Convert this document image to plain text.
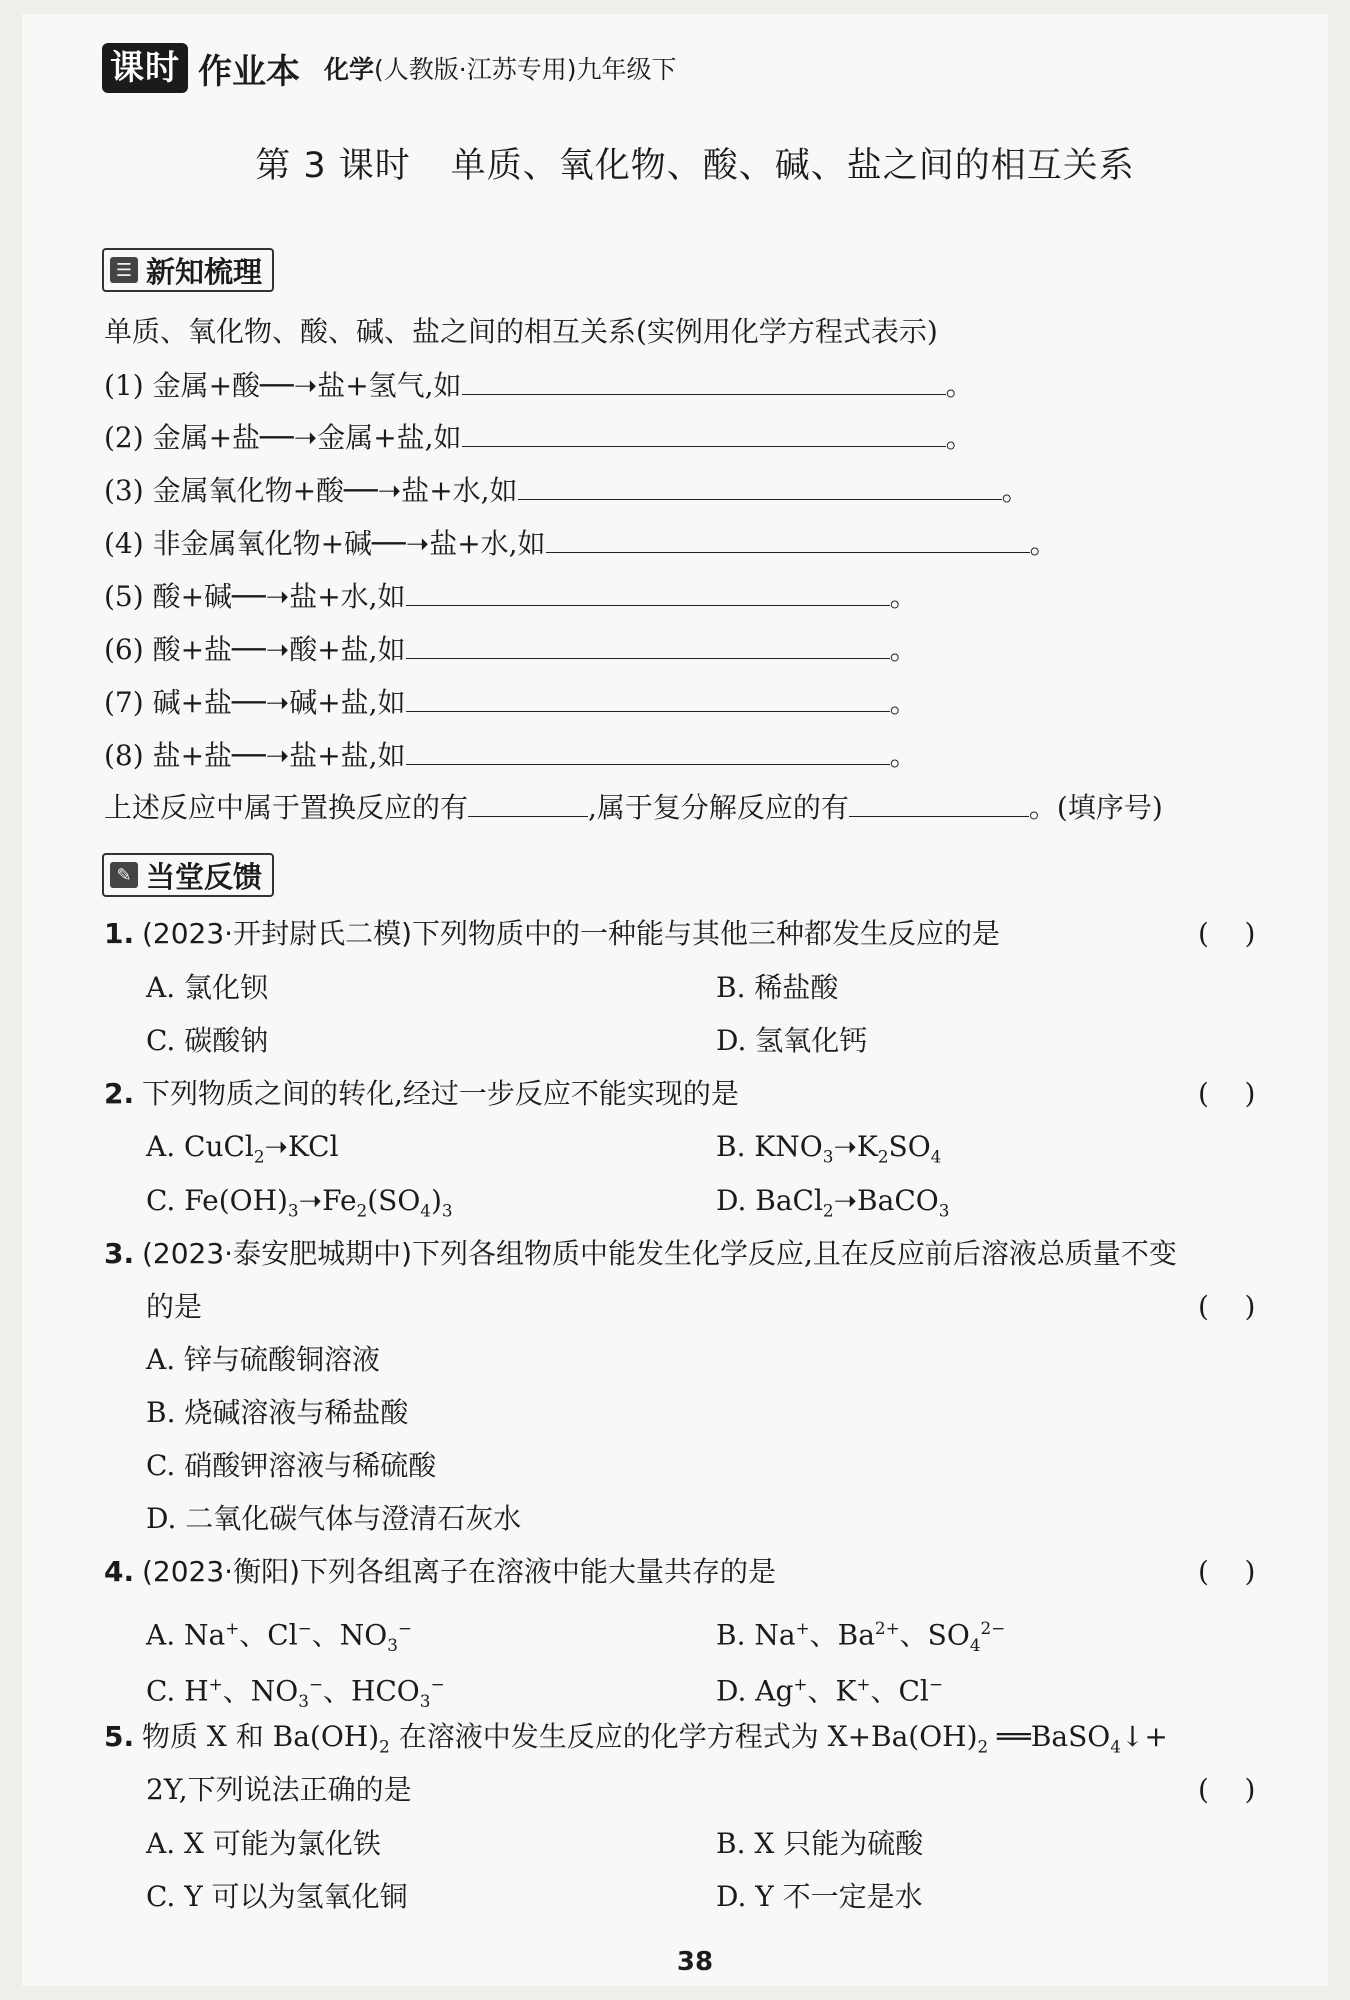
课时 作业本 化学(人教版·江苏专用)九年级下
第 3 课时 单质、氧化物、酸、碱、盐之间的相互关系
☰ 新知梳理
单质、氧化物、酸、碱、盐之间的相互关系(实例用化学方程式表示)
(1) 金属+酸──➝盐+氢气,如	。
(2) 金属+盐──➝金属+盐,如	。
(3) 金属氧化物+酸──➝盐+水,如	。
(4) 非金属氧化物+碱──➝盐+水,如	。
(5) 酸+碱──➝盐+水,如	。
(6) 酸+盐──➝酸+盐,如	。
(7) 碱+盐──➝碱+盐,如	。
(8) 盐+盐──➝盐+盐,如	。
上述反应中属于置换反应的有	,属于复分解反应的有	。(填序号)
✎ 当堂反馈
1. (2023·开封尉氏二模)下列物质中的一种能与其他三种都发生反应的是	(    )
A. 氯化钡	B. 稀盐酸
C. 碳酸钠	D. 氢氧化钙
2. 下列物质之间的转化,经过一步反应不能实现的是	(    )
A. CuCl$_2$➝KCl	B. $KNO_3➝K_2SO_4$
C. $Fe(OH)_3➝Fe_2(SO_4)_3$	D. BaCl$_2$➝BaCO$_3$
3. (2023·泰安肥城期中)下列各组物质中能发生化学反应,且在反应前后溶液总质量不变
的是	(    )
A. 锌与硫酸铜溶液
B. 烧碱溶液与稀盐酸
C. 硝酸钾溶液与稀硫酸
D. 二氧化碳气体与澄清石灰水
4. (2023·衡阳)下列各组离子在溶液中能大量共存的是	(    )
A. Na+、Cl−、$NO_3^-$	B. Na+、$Ba^{2+}$、$SO_4^{2-}$
C. H+、$NO_3^-$、$HCO_3^-$	D. Ag+、K+、Cl−
5. 物质 X 和 $Ba(OH)_2$ 在溶液中发生反应的化学方程式为 $X+Ba(OH)_2$ ══BaSO$_4$↓+
2Y,下列说法正确的是	(    )
A. X 可能为氯化铁	B. X 只能为硫酸
C. Y 可以为氢氧化铜	D. Y 不一定是水
38
